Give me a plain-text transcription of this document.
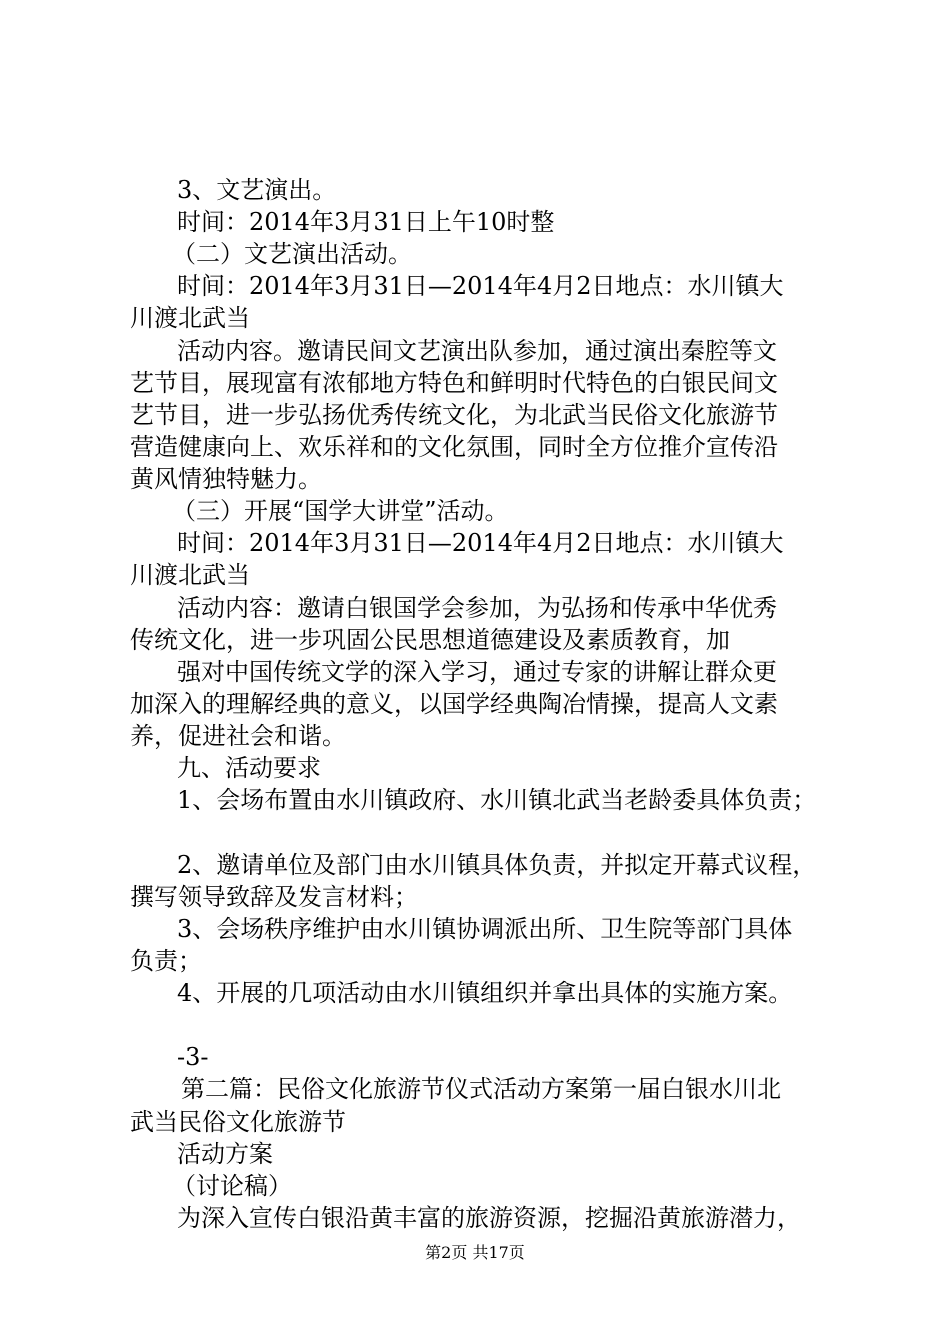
3、文艺演出。
时间：2014年3月31日上午10时整
（二）文艺演出活动。
时间：2014年3月31日—2014年4月2日地点：水川镇大
川渡北武当
活动内容。邀请民间文艺演出队参加，通过演出秦腔等文
艺节目，展现富有浓郁地方特色和鲜明时代特色的白银民间文
艺节目，进一步弘扬优秀传统文化，为北武当民俗文化旅游节
营造健康向上、欢乐祥和的文化氛围，同时全方位推介宣传沿
黄风情独特魅力。
（三）开展“国学大讲堂”活动。
时间：2014年3月31日—2014年4月2日地点：水川镇大
川渡北武当
活动内容：邀请白银国学会参加，为弘扬和传承中华优秀
传统文化，进一步巩固公民思想道德建设及素质教育，加
强对中国传统文学的深入学习，通过专家的讲解让群众更
加深入的理解经典的意义，以国学经典陶冶情操，提高人文素
养，促进社会和谐。
九、活动要求
1、会场布置由水川镇政府、水川镇北武当老龄委具体负责；
2、邀请单位及部门由水川镇具体负责，并拟定开幕式议程，
撰写领导致辞及发言材料；
3、会场秩序维护由水川镇协调派出所、卫生院等部门具体
负责；
4、开展的几项活动由水川镇组织并拿出具体的实施方案。
-3-
第二篇：民俗文化旅游节仪式活动方案第一届白银水川北
武当民俗文化旅游节
活动方案
（讨论稿）
为深入宣传白银沿黄丰富的旅游资源，挖掘沿黄旅游潜力，
第2页 共17页
